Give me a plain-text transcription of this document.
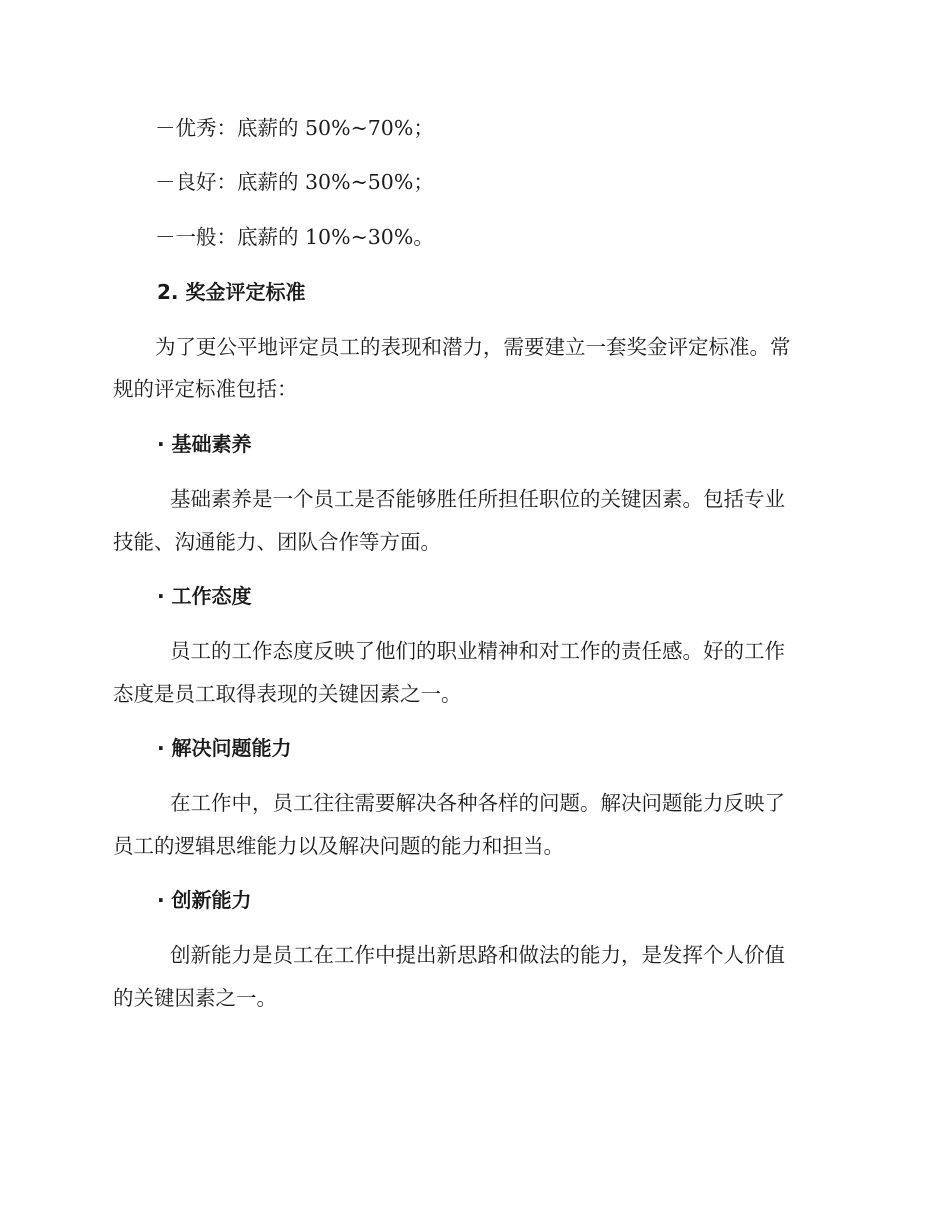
－优秀：底薪的 50%~70%；
－良好：底薪的 30%~50%；
－一般：底薪的 10%~30%。
2. 奖金评定标准
为了更公平地评定员工的表现和潜力，需要建立一套奖金评定标准。常
规的评定标准包括：
· 基础素养
基础素养是一个员工是否能够胜任所担任职位的关键因素。包括专业
技能、沟通能力、团队合作等方面。
· 工作态度
员工的工作态度反映了他们的职业精神和对工作的责任感。好的工作
态度是员工取得表现的关键因素之一。
· 解决问题能力
在工作中，员工往往需要解决各种各样的问题。解决问题能力反映了
员工的逻辑思维能力以及解决问题的能力和担当。
· 创新能力
创新能力是员工在工作中提出新思路和做法的能力，是发挥个人价值
的关键因素之一。
